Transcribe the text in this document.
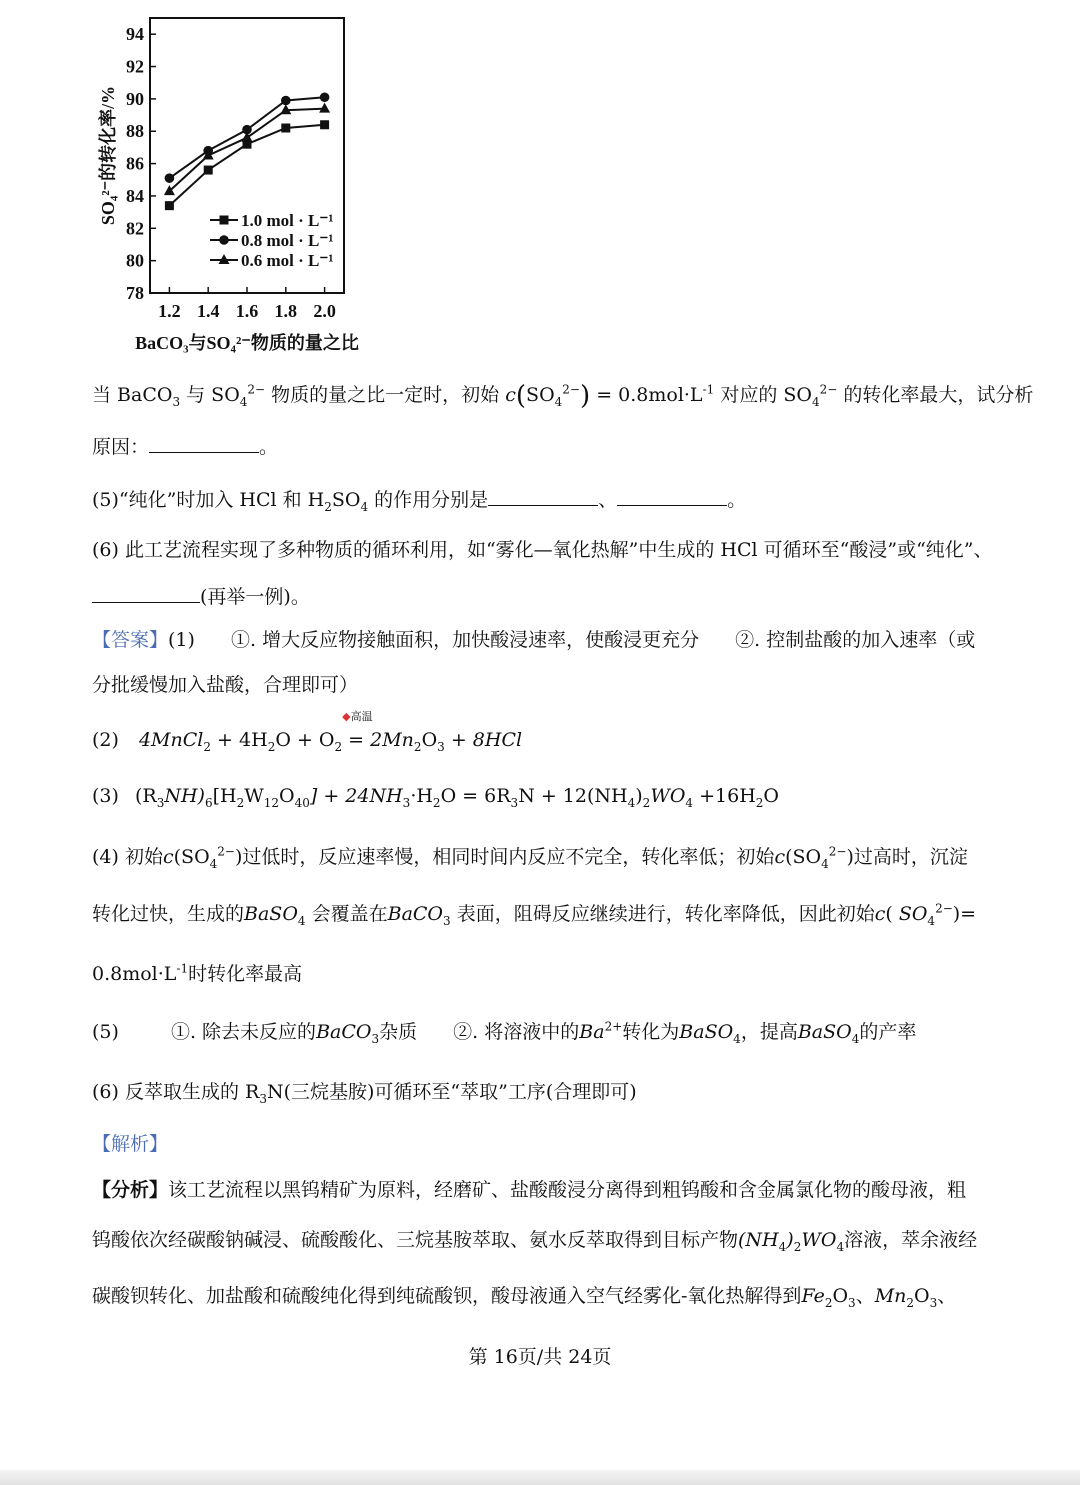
78
80
82
84
86
88
90
92
94
1.2 1.4 1.6 1.8 2.0
BaCO₃与SO₄²⁻物质的量之比
SO₄²⁻的转化率/%	1.0 mol · L⁻¹
0.8 mol · L⁻¹
0.6 mol · L⁻¹
当 BaCO$_3$ 与 $SO_4^{2-}$ 物质的量之比一定时，初始 $c(SO_4^{2-}) = 0.8mol\cdot L^{-1}$ 对应的 $SO_4^{2-}$ 的转化率最大，试分析
原因：	。
(5)“纯化”时加入 HCl 和 $H_2SO_4$ 的作用分别是	、	。
(6) 此工艺流程实现了多种物质的循环利用，如“雾化—氧化热解”中生成的 HCl 可循环至“酸浸”或“纯化”、
(再举一例)。
【答案】(1) ①. 增大反应物接触面积，加快酸浸速率，使酸浸更充分 ②. 控制盐酸的加入速率（或
分批缓慢加入盐酸，合理即可）
(2) 4MnCl$_2$ + $4H_2O + O_2$
◆高温
= $2Mn_2O_3 + 8HCl$
(3) $(R_3NH)_6[H_2W_{12}O_{40}] + 24NH_3\cdot H_2O = 6R_3N + 12(NH_4)_2WO_4 +16H_2O$
(4) 初始$c(SO_4^{2-})$过低时，反应速率慢，相同时间内反应不完全，转化率低；初始$c(SO_4^{2-})$过高时，沉淀
转化过快，生成的BaSO$_4$ 会覆盖在BaCO$_3$ 表面，阻碍反应继续进行，转化率降低，因此初始c( $SO_4^{2-})=$
$0.8mol\cdot L^{-1}$时转化率最高
(5)	①. 除去未反应的BaCO$_3$杂质 ②. 将溶液中的$Ba^{2+}$转化为BaSO$_4$，提高BaSO$_4$的产率
(6) 反萃取生成的 $R_3N$(三烷基胺)可循环至“萃取”工序(合理即可)
【解析】
【分析】该工艺流程以黑钨精矿为原料，经磨矿、盐酸酸浸分离得到粗钨酸和含金属氯化物的酸母液，粗
钨酸依次经碳酸钠碱浸、硫酸酸化、三烷基胺萃取、氨水反萃取得到目标产物$(NH_4)_2WO_4$溶液，萃余液经
碳酸钡转化、加盐酸和硫酸纯化得到纯硫酸钡，酸母液通入空气经雾化-氧化热解得到$Fe_2O_3$、$Mn_2O_3$、
第 16页/共 24页
